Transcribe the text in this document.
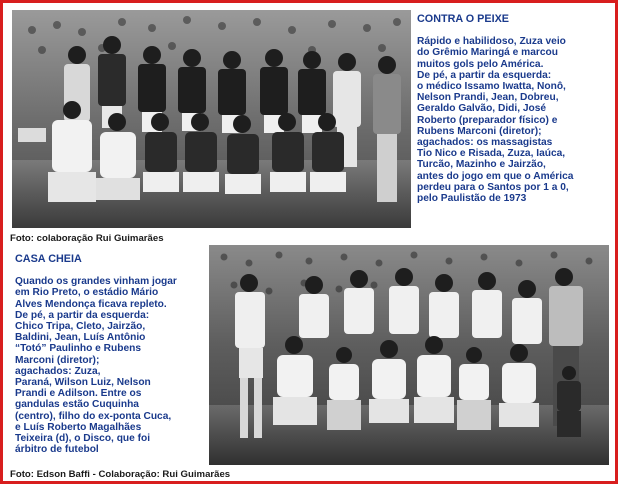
CONTRA O PEIXE

Rápido e habilidoso, Zuza veio
do Grêmio Maringá e marcou
muitos gols pelo América.
De pé, a partir da esquerda:
o médico Issamo Iwatta, Nonô,
Nelson Prandi, Jean, Dobreu,
Geraldo Galvão, Didi, José
Roberto (preparador físico) e
Rubens Marconi (diretor);
agachados: os massagistas
Tio Nico e Risada, Zuza, Iaúca,
Turcão, Mazinho e Jairzão,
antes do jogo em que o América
perdeu para o Santos por 1 a 0,
pelo Paulistão de 1973

Foto: colaboração Rui Guimarães
CASA CHEIA

Quando os grandes vinham jogar
em Rio Preto, o estádio Mário
Alves Mendonça ficava repleto.
De pé, a partir da esquerda:
Chico Tripa, Cleto, Jairzão,
Baldini, Jean, Luís Antônio
“Totó” Paulinho e Rubens
Marconi (diretor);
agachados: Zuza,
Paraná, Wilson Luiz, Nelson
Prandi e Adilson. Entre os
gandulas estão Cuquinha
(centro), filho do ex-ponta Cuca,
e Luís Roberto Magalhães
Teixeira (d), o Disco, que foi
árbitro de futebol

Foto: Edson Baffi - Colaboração: Rui Guimarães
